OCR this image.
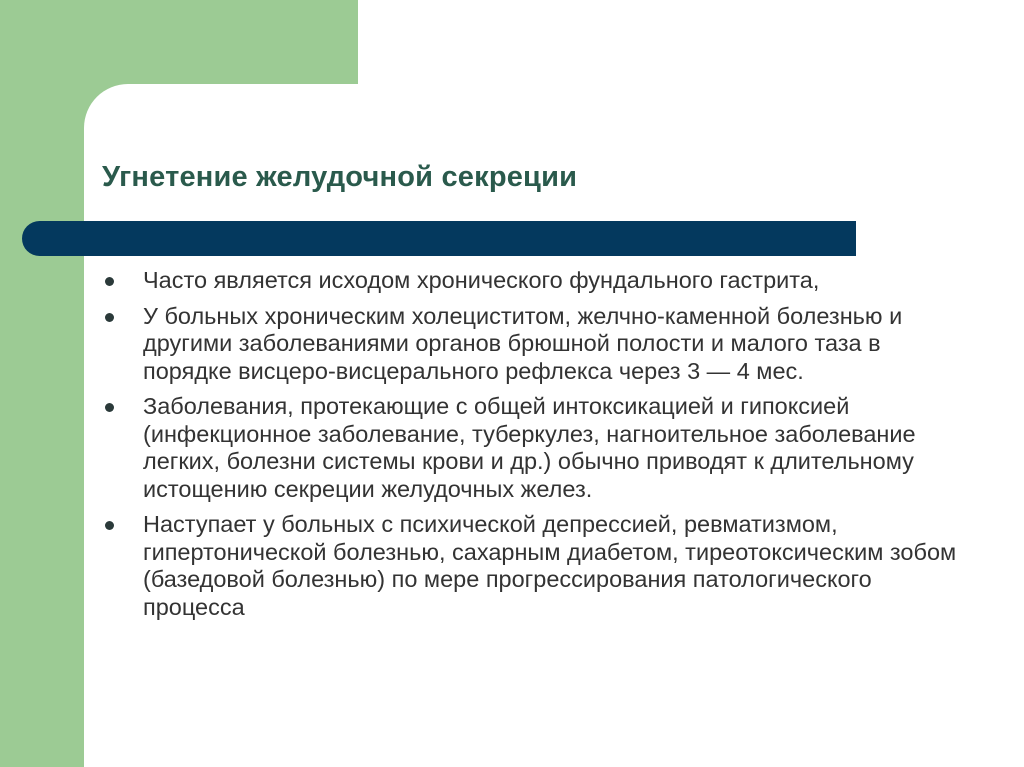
Угнетение желудочной секреции
Часто является исходом хронического фундального гастрита,
У больных хроническим холециститом, желчно-каменной болезнью и другими заболеваниями органов брюшной полости и малого таза в порядке висцеро-висцерального рефлекса через 3 — 4 мес.
Заболевания, протекающие с общей интоксикацией и гипоксией (инфекционное заболевание, туберкулез, нагноительное заболевание легких, болезни системы крови и др.) обычно приводят к длительному истощению секреции желудочных желез.
Наступает у больных с психической депрессией, ревматизмом, гипертонической болезнью, сахарным диабетом, тиреотоксическим зобом (базедовой болезнью) по мере прогрессирования патологического процесса
